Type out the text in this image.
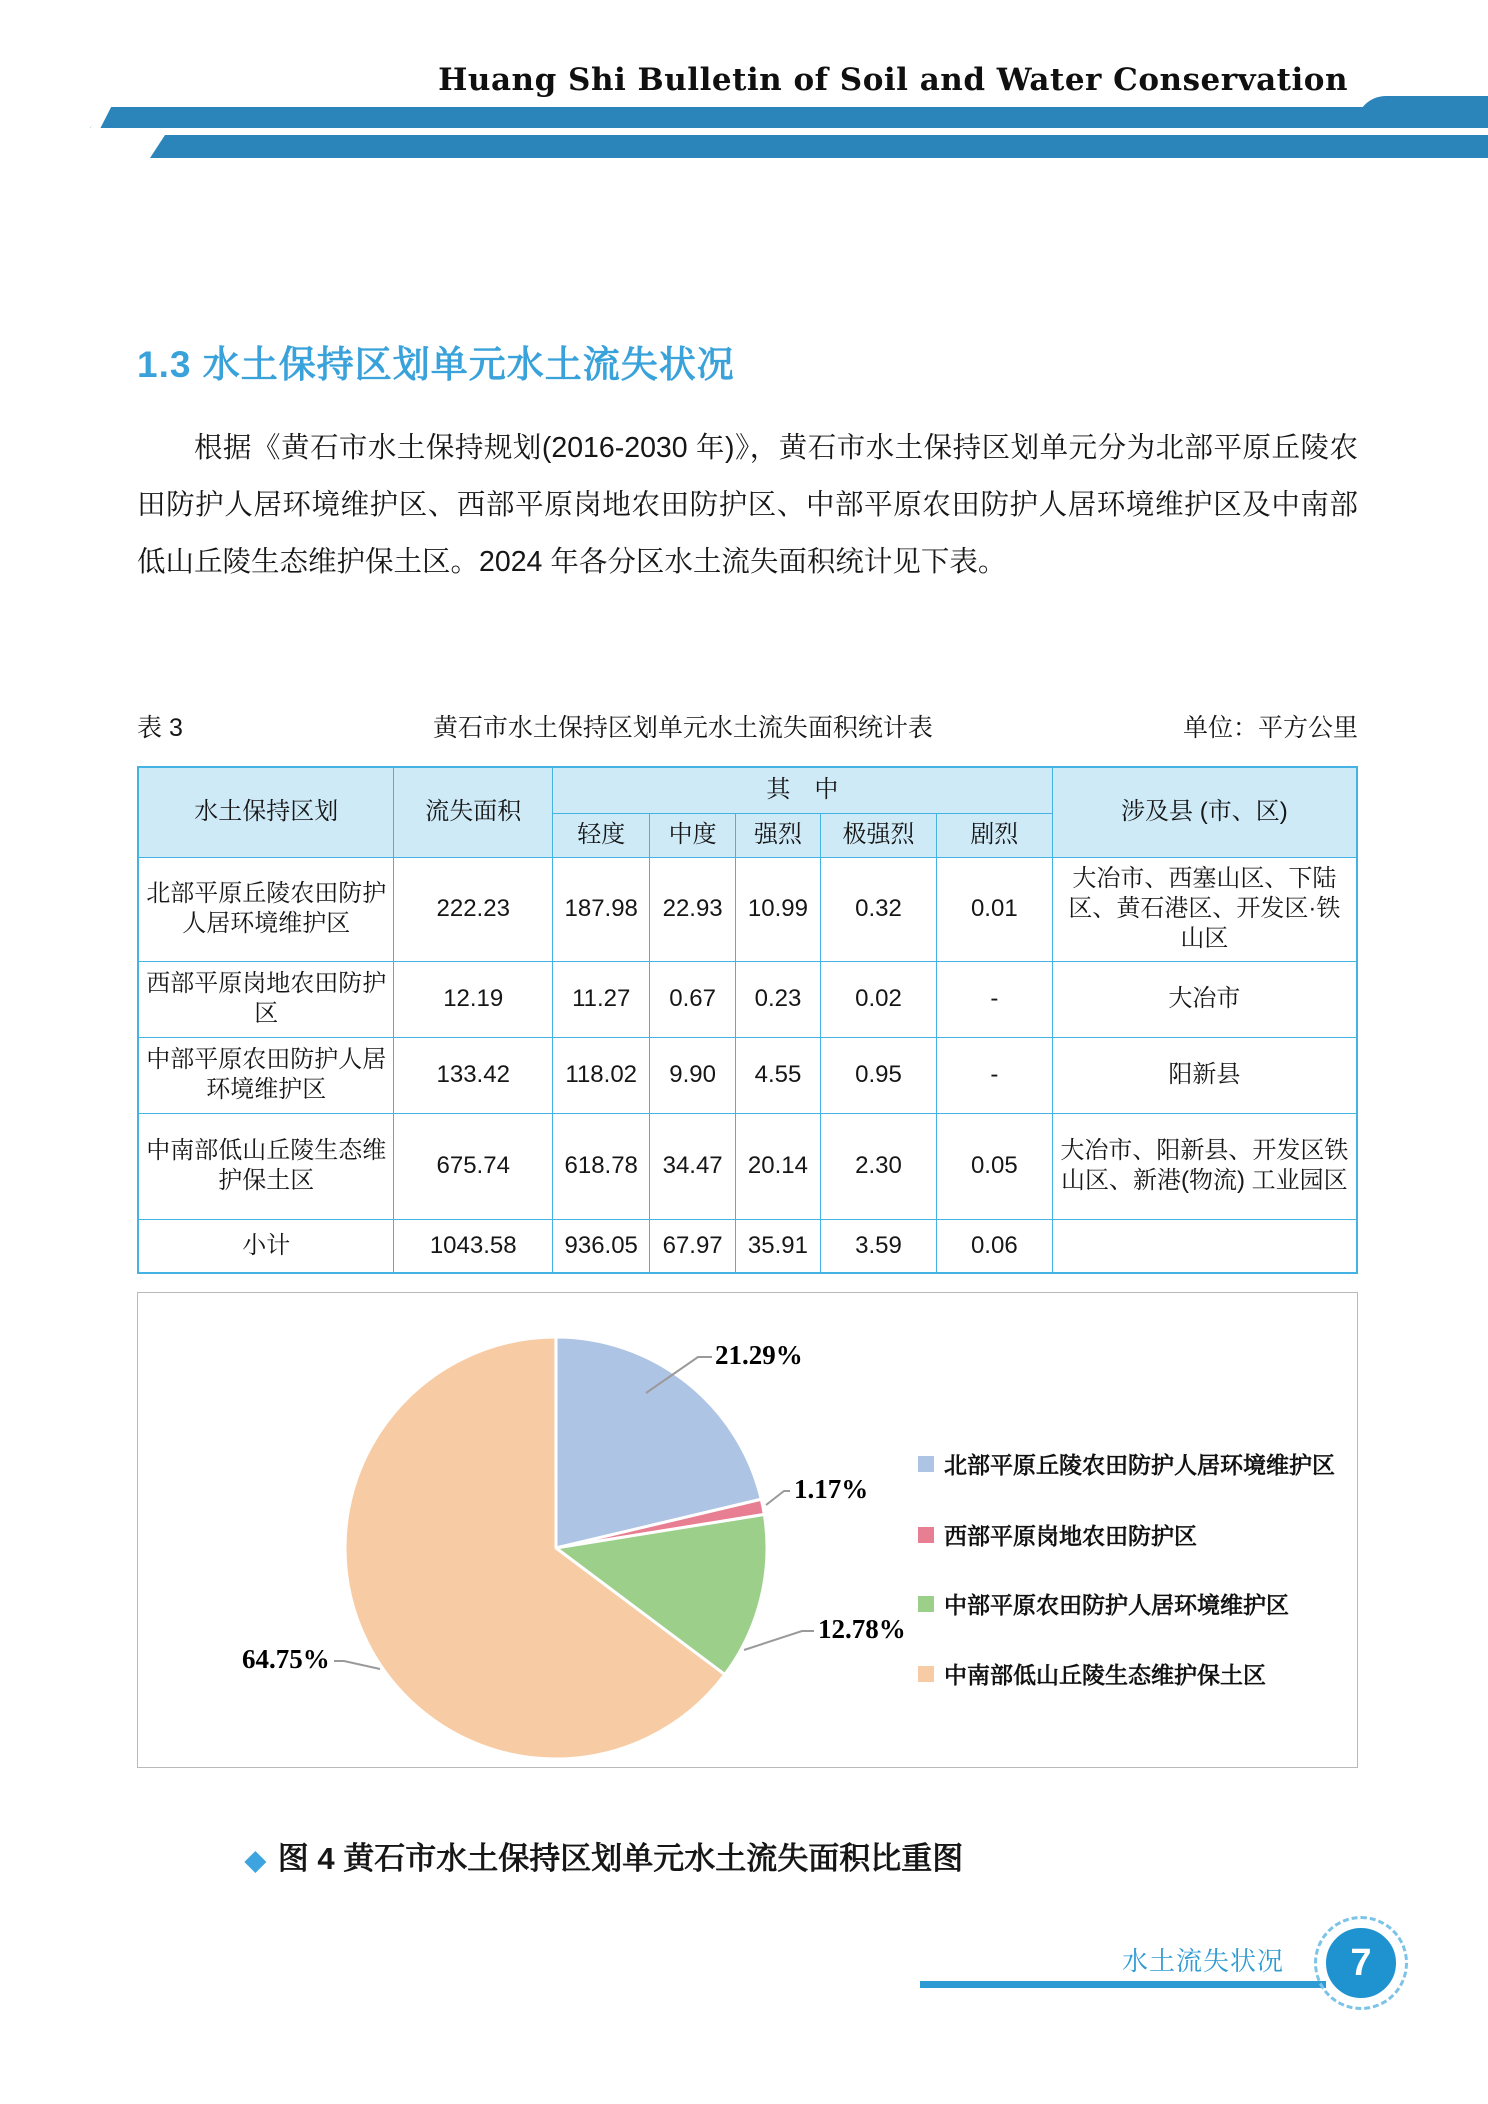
Huang Shi Bulletin of Soil and Water Conservation
1.3 水土保持区划单元水土流失状况

根据《黄石市水土保持规划(2016-2030 年)》，黄石市水土保持区划单元分为北部平原丘陵农田防护人居环境维护区、西部平原岗地农田防护区、中部平原农田防护人居环境维护区及中南部低山丘陵生态维护保土区。2024 年各分区水土流失面积统计见下表。

表 3	黄石市水土保持区划单元水土流失面积统计表	单位：平方公里
水土保持区划	流失面积	其　中					涉及县 (市、区)
		轻度	中度	强烈	极强烈	剧烈	
北部平原丘陵农田防护人居环境维护区	222.23	187.98	22.93	10.99	0.32	0.01	大冶市、西塞山区、下陆区、黄石港区、开发区·铁山区
西部平原岗地农田防护区	12.19	11.27	0.67	0.23	0.02	-	大冶市
中部平原农田防护人居环境维护区	133.42	118.02	9.90	4.55	0.95	-	阳新县
中南部低山丘陵生态维护保土区	675.74	618.78	34.47	20.14	2.30	0.05	大冶市、阳新县、开发区铁山区、新港(物流) 工业园区
小计	1043.58	936.05	67.97	35.91	3.59	0.06	
21.29%
1.17%
12.78%
64.75%
北部平原丘陵农田防护人居环境维护区
西部平原岗地农田防护区
中部平原农田防护人居环境维护区
中南部低山丘陵生态维护保土区

◆ 图 4 黄石市水土保持区划单元水土流失面积比重图

水土流失状况 7
